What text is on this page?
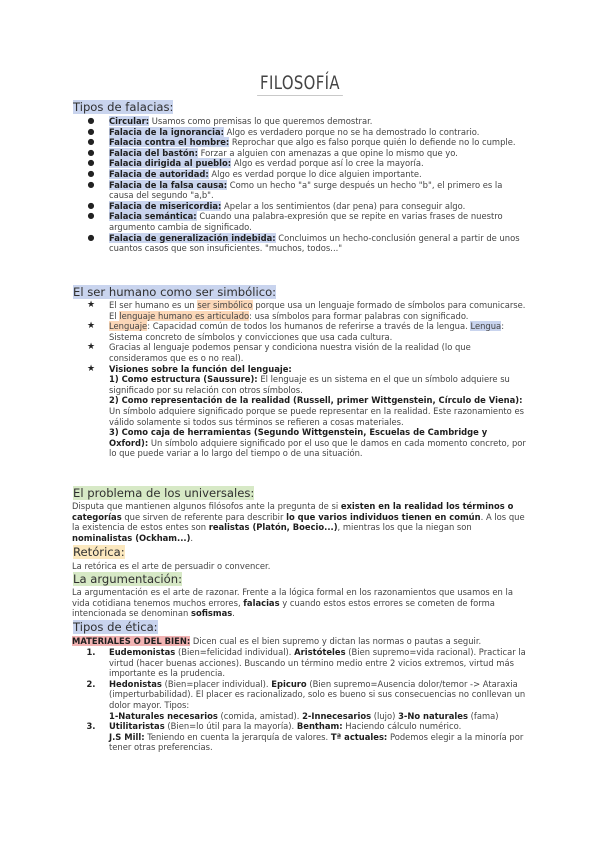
FILOSOFÍA
Tipos de falacias:
● Circular: Usamos como premisas lo que queremos demostrar.
● Falacia de la ignorancia: Algo es verdadero porque no se ha demostrado lo contrario.
● Falacia contra el hombre: Reprochar que algo es falso porque quién lo defiende no lo cumple.
● Falacia del bastón: Forzar a alguien con amenazas a que opine lo mismo que yo.
● Falacia dirigida al pueblo: Algo es verdad porque así lo cree la mayoría.
● Falacia de autoridad: Algo es verdad porque lo dice alguien importante.
● Falacia de la falsa causa: Como un hecho "a" surge después un hecho "b", el primero es la causa del segundo "a,b".
● Falacia de misericordia: Apelar a los sentimientos (dar pena) para conseguir algo.
● Falacia semántica: Cuando una palabra-expresión que se repite en varias frases de nuestro argumento cambia de significado.
● Falacia de generalización indebida: Concluimos un hecho-conclusión general a partir de unos cuantos casos que son insuficientes. "muchos, todos..."
El ser humano como ser simbólico:
★ El ser humano es un ser simbólico porque usa un lenguaje formado de símbolos para comunicarse. El lenguaje humano es articulado: usa símbolos para formar palabras con significado.
★ Lenguaje: Capacidad común de todos los humanos de referirse a través de la lengua. Lengua: Sistema concreto de símbolos y convicciones que usa cada cultura.
★ Gracias al lenguaje podemos pensar y condiciona nuestra visión de la realidad (lo que consideramos que es o no real).
★ Visiones sobre la función del lenguaje:
1) Como estructura (Saussure): El lenguaje es un sistema en el que un símbolo adquiere su significado por su relación con otros símbolos.
2) Como representación de la realidad (Russell, primer Wittgenstein, Círculo de Viena): Un símbolo adquiere significado porque se puede representar en la realidad. Este razonamiento es válido solamente si todos sus términos se refieren a cosas materiales.
3) Como caja de herramientas (Segundo Wittgenstein, Escuelas de Cambridge y Oxford): Un símbolo adquiere significado por el uso que le damos en cada momento concreto, por lo que puede variar a lo largo del tiempo o de una situación.
El problema de los universales:
Disputa que mantienen algunos filósofos ante la pregunta de si existen en la realidad los términos o categorías que sirven de referente para describir lo que varios individuos tienen en común. A los que la existencia de estos entes son realistas (Platón, Boecio...), mientras los que la niegan son nominalistas (Ockham...).
Retórica:
La retórica es el arte de persuadir o convencer.
La argumentación:
La argumentación es el arte de razonar. Frente a la lógica formal en los razonamientos que usamos en la vida cotidiana tenemos muchos errores, falacias y cuando estos estos errores se cometen de forma intencionada se denominan sofismas.
Tipos de ética:
MATERIALES O DEL BIEN: Dicen cual es el bien supremo y dictan las normas o pautas a seguir.
1. Eudemonistas (Bien=felicidad individual). Aristóteles (Bien supremo=vida racional). Practicar la virtud (hacer buenas acciones). Buscando un término medio entre 2 vicios extremos, virtud más importante es la prudencia.
2. Hedonistas (Bien=placer individual). Epicuro (Bien supremo=Ausencia dolor/temor -> Ataraxia (imperturbabilidad). El placer es racionalizado, solo es bueno si sus consecuencias no conllevan un dolor mayor. Tipos:
1-Naturales necesarios (comida, amistad). 2-Innecesarios (lujo) 3-No naturales (fama)
3. Utilitaristas (Bien=lo útil para la mayoría). Bentham: Haciendo cálculo numérico.
J.S Mill: Teniendo en cuenta la jerarquía de valores. Tª actuales: Podemos elegir a la minoría por tener otras preferencias.
